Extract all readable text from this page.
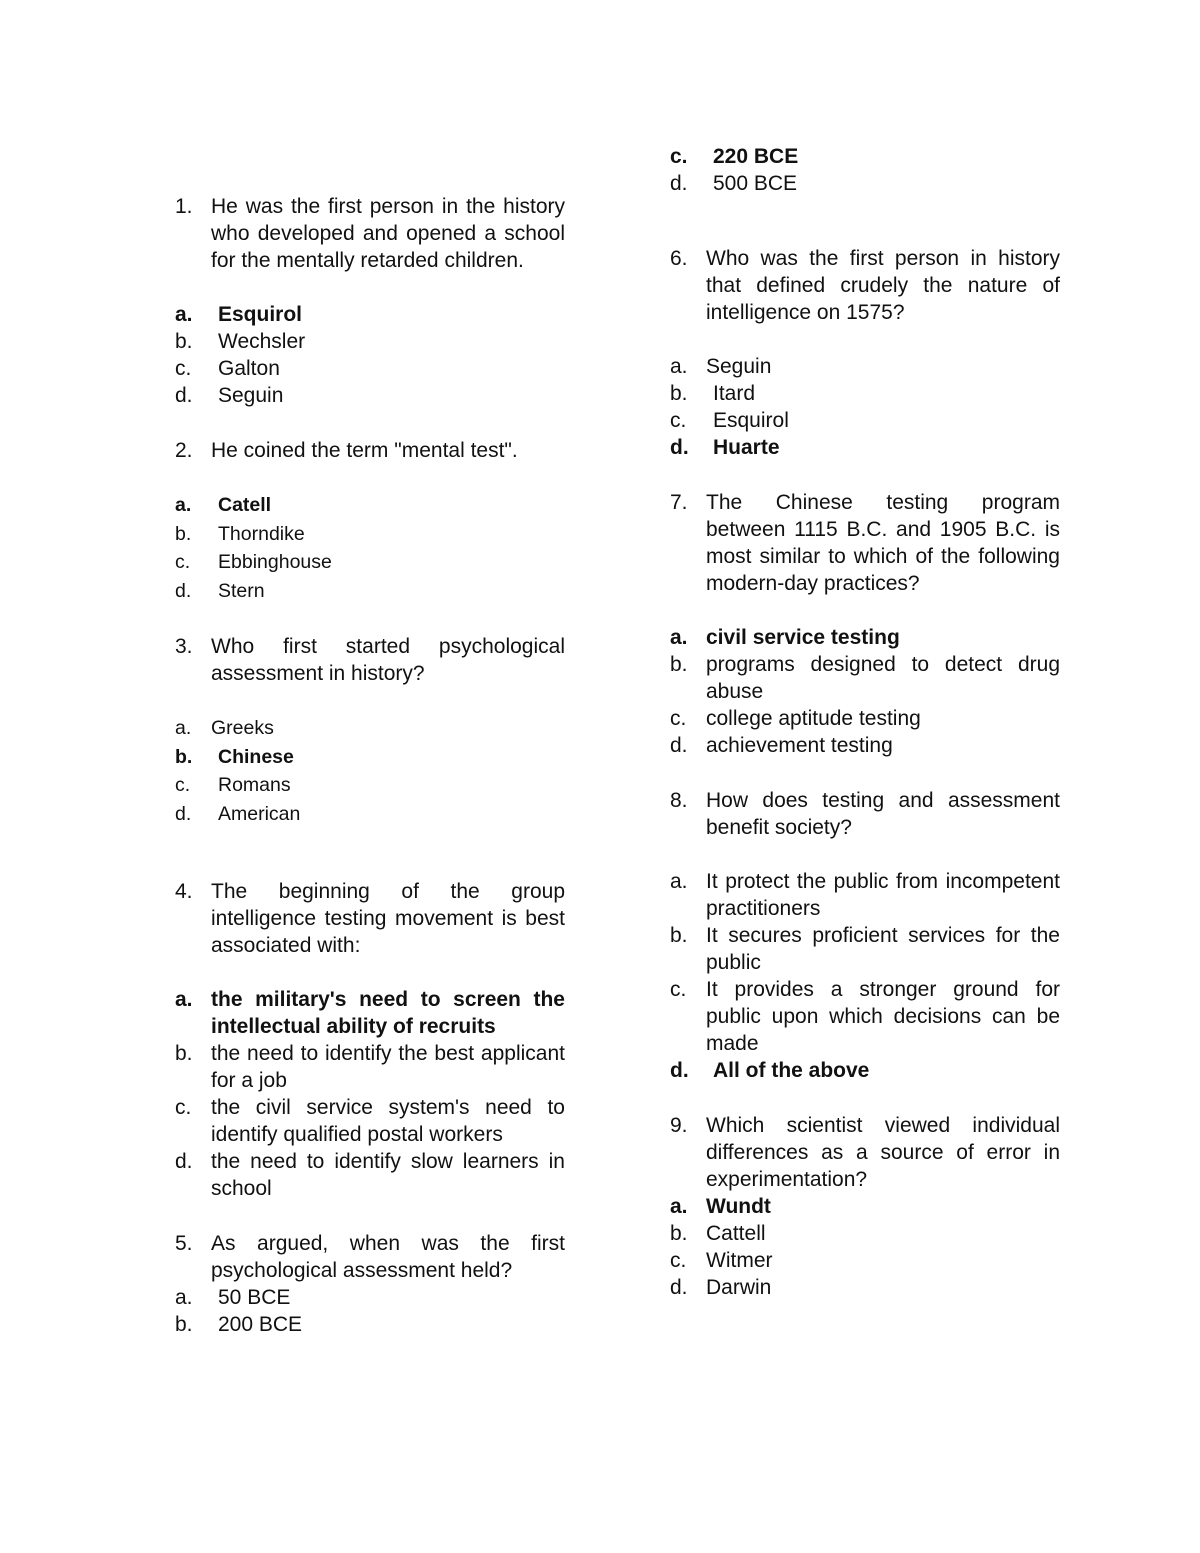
1. He was the first person in the history who developed and opened a school for the mentally retarded children.
a.	Esquirol
b.	Wechsler
c.	Galton
d.	Seguin
2. He coined the term "mental test".
a.	Catell
b.	Thorndike
c.	Ebbinghouse
d.	Stern
3. Who first started psychological assessment in history?
a.	Greeks
b.	Chinese
c.	Romans
d.	American
4. The beginning of the group intelligence testing movement is best associated with:
a. the military's need to screen the intellectual ability of recruits
b. the need to identify the best applicant for a job
c. the civil service system's need to identify qualified postal workers
d. the need to identify slow learners in school
5. As argued, when was the first psychological assessment held?
a.	50 BCE
b.	200 BCE
c.	220 BCE
d.	500 BCE
6. Who was the first person in history that defined crudely the nature of intelligence on 1575?
a. Seguin
b.	Itard
c.	Esquirol
d.	Huarte
7. The Chinese testing program between 1115 B.C. and 1905 B.C. is most similar to which of the following modern-day practices?
a. civil service testing
b. programs designed to detect drug abuse
c. college aptitude testing
d. achievement testing
8. How does testing and assessment benefit society?
a. It protect the public from incompetent practitioners
b. It secures proficient services for the public
c. It provides a stronger ground for public upon which decisions can be made
d.	All of the above
9. Which scientist viewed individual differences as a source of error in experimentation?
a. Wundt
b. Cattell
c. Witmer
d. Darwin
